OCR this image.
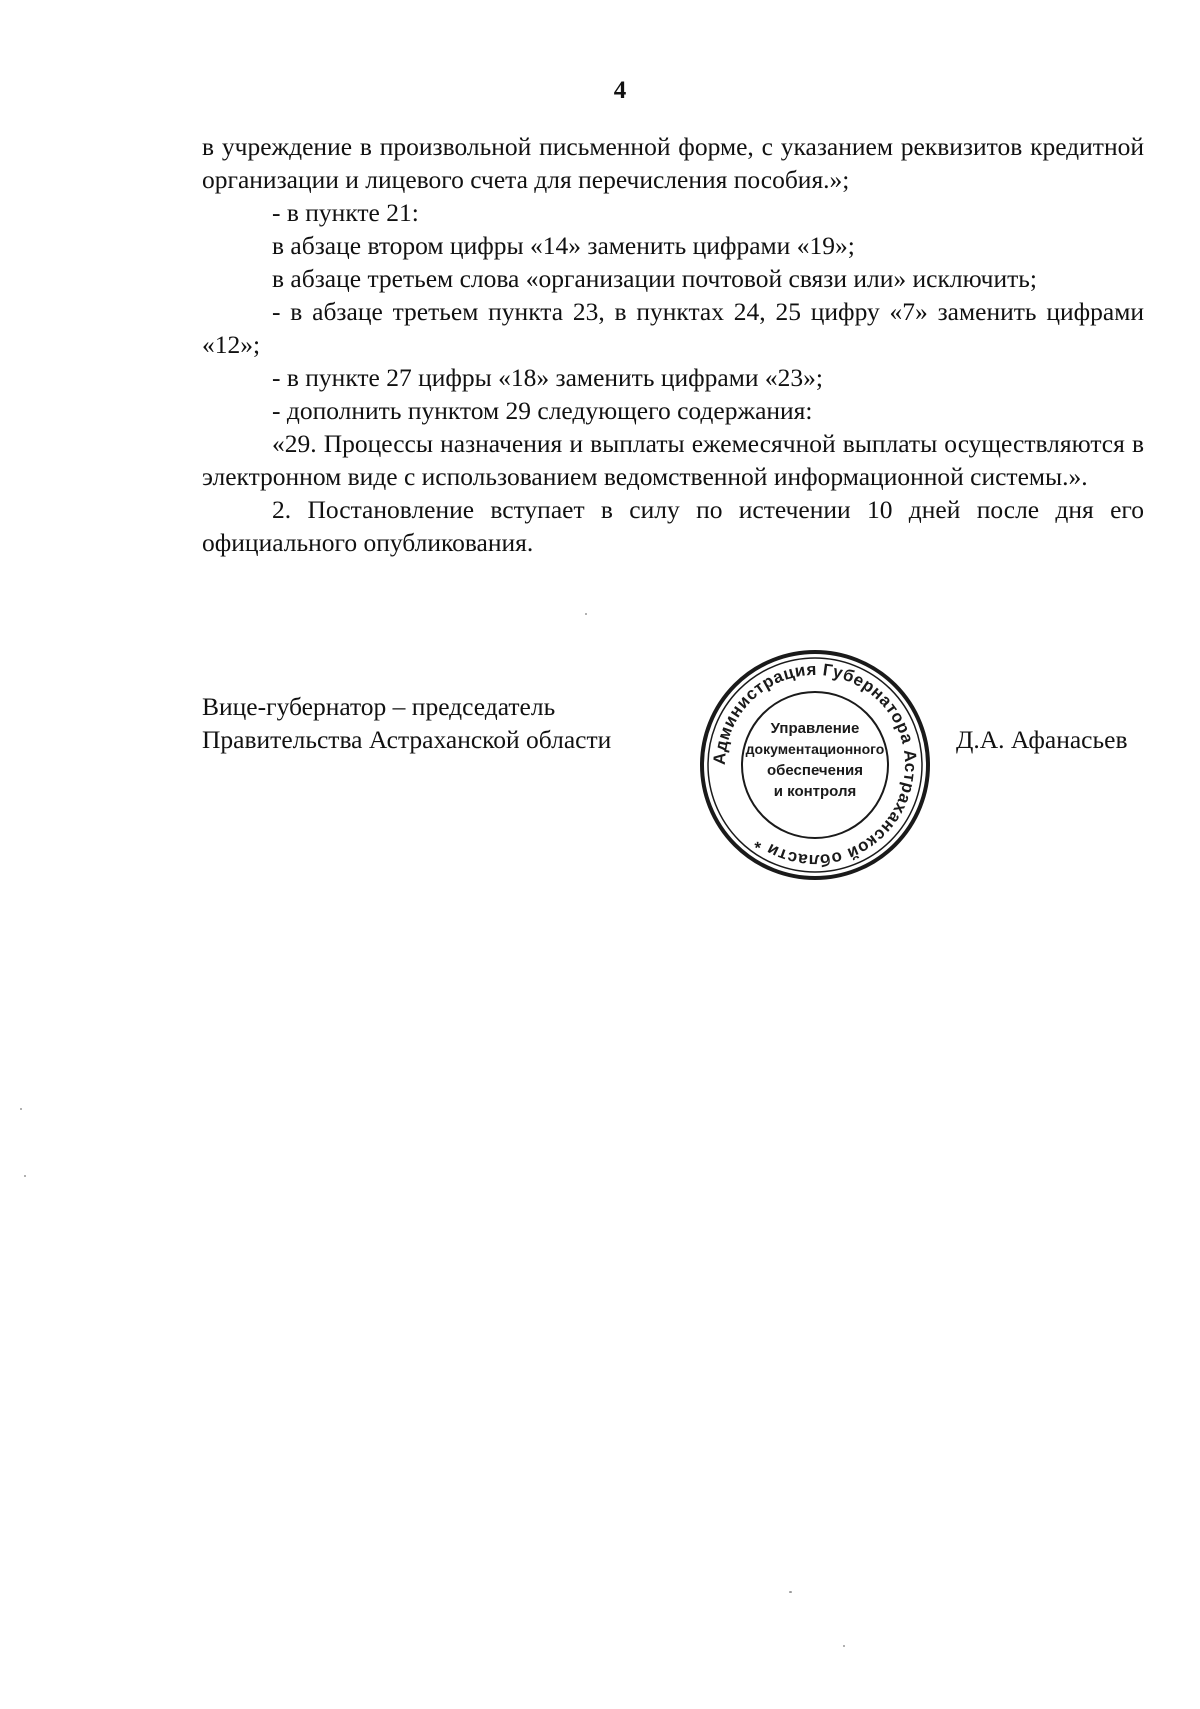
4

в учреждение в произвольной письменной форме, с указанием реквизитов кредитной организации и лицевого счета для перечисления пособия.»;

- в пункте 21:

в абзаце втором цифры «14» заменить цифрами «19»;

в абзаце третьем слова «организации почтовой связи или» исключить;

- в абзаце третьем пункта 23, в пунктах 24, 25 цифру «7» заменить цифрами «12»;

- в пункте 27 цифры «18» заменить цифрами «23»;

- дополнить пунктом 29 следующего содержания:

«29. Процессы назначения и выплаты ежемесячной выплаты осуществляются в электронном виде с использованием ведомственной информационной системы.».

2. Постановление вступает в силу по истечении 10 дней после дня его официального опубликования.

Вице-губернатор – председатель
Правительства Астраханской области
Администрация Губернатора Астраханской области *
Управление
документационного
обеспечения
и контроля
Д.А. Афанасьев
